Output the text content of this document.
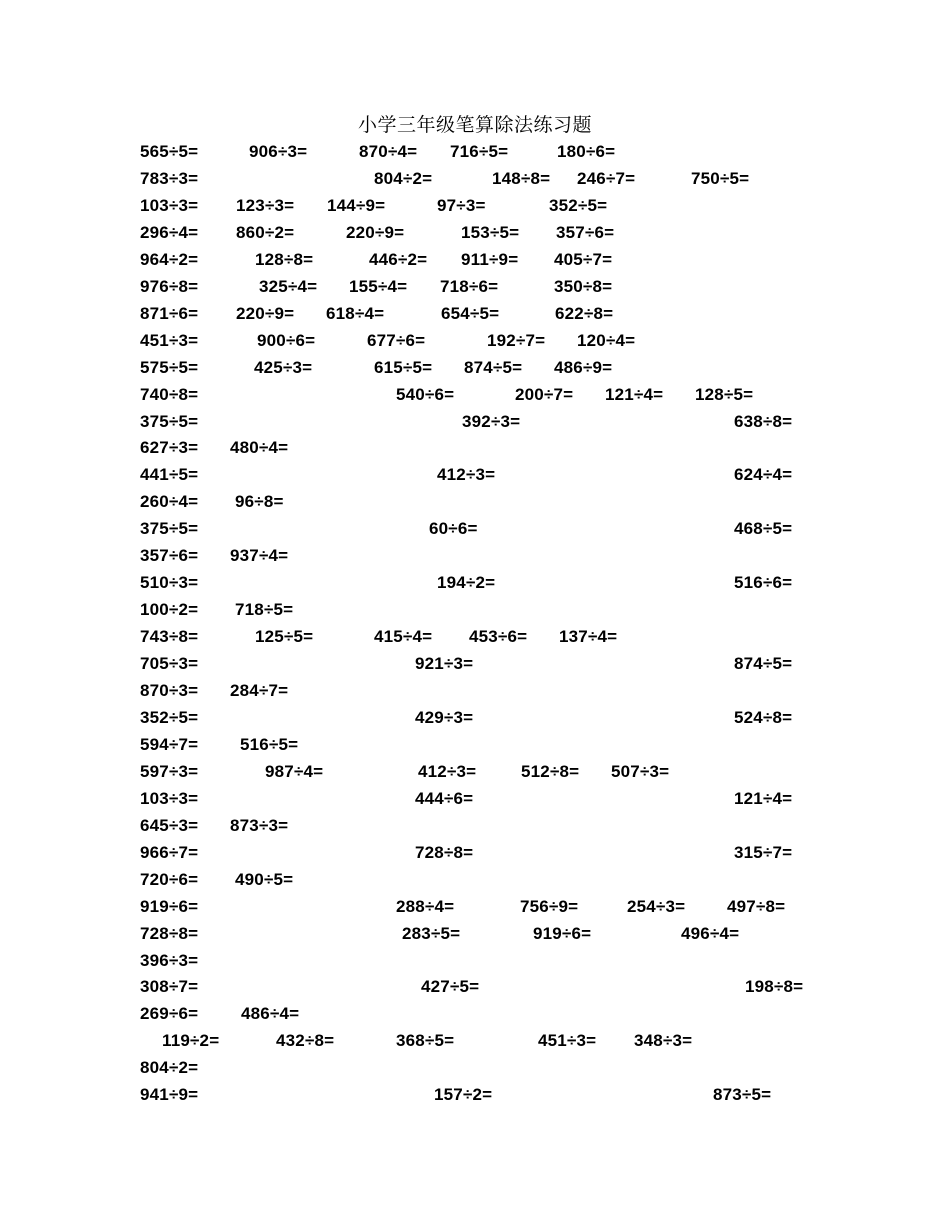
小学三年级笔算除法练习题
565÷5=	906÷3=	870÷4= 716÷5=	180÷6=
783÷3=	804÷2=	148÷8= 246÷7=	750÷5=
103÷3= 123÷3= 144÷9=	97÷3=	352÷5=
296÷4= 860÷2=	220÷9=	153÷5= 357÷6=
964÷2=	128÷8=	446÷2= 911÷9= 405÷7=
976÷8=	325÷4= 155÷4= 718÷6=	350÷8=
871÷6= 220÷9= 618÷4=	654÷5=	622÷8=
451÷3=	900÷6=	677÷6=	192÷7= 120÷4=
575÷5=	425÷3=	615÷5= 874÷5= 486÷9=
740÷8=	540÷6=	200÷7= 121÷4= 128÷5=
375÷5=	392÷3=	638÷8=
627÷3= 480÷4=
441÷5=	412÷3=	624÷4=
260÷4= 96÷8=
375÷5=	60÷6=	468÷5=
357÷6= 937÷4=
510÷3=	194÷2=	516÷6=
100÷2= 718÷5=
743÷8=	125÷5=	415÷4= 453÷6= 137÷4=
705÷3=	921÷3=	874÷5=
870÷3= 284÷7=
352÷5=	429÷3=	524÷8=
594÷7= 516÷5=
597÷3=	987÷4=	412÷3=	512÷8= 507÷3=
103÷3=	444÷6=	121÷4=
645÷3= 873÷3=
966÷7=	728÷8=	315÷7=
720÷6= 490÷5=
919÷6=	288÷4=	756÷9=	254÷3= 497÷8=
728÷8=	283÷5=	919÷6=	496÷4=
396÷3=
308÷7=	427÷5=	198÷8=
269÷6=	486÷4=
119÷2=	432÷8=	368÷5=	451÷3= 348÷3=
804÷2=
941÷9=	157÷2=	873÷5=
